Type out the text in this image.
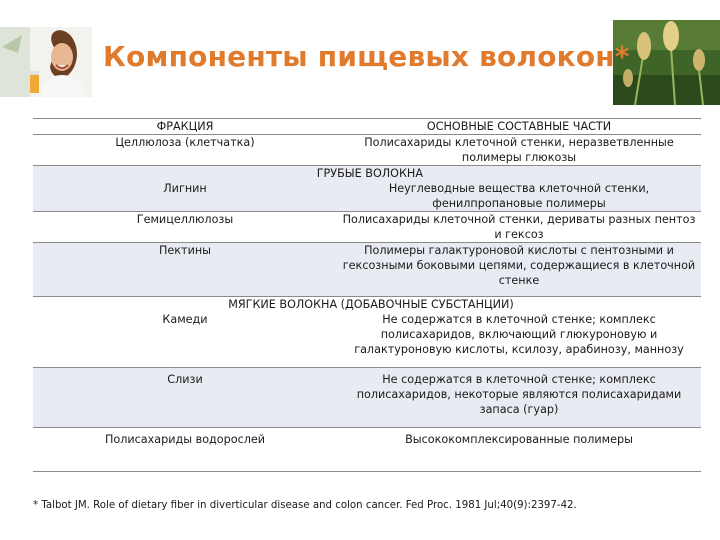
Компоненты пищевых волокон*
ФРАКЦИЯ	ОСНОВНЫЕ СОСТАВНЫЕ ЧАСТИ
Целлюлоза (клетчатка)	Полисахариды клеточной стенки, неразветвленные полимеры глюкозы
ГРУБЫЕ ВОЛОКНА	
Лигнин	Неуглеводные вещества клеточной стенки, фенилпропановые полимеры
Гемицеллюлозы	Полисахариды клеточной стенки, дериваты разных пентоз и гексоз
Пектины	Полимеры галактуроновой кислоты с пентозными и гексозными боковыми цепями, содержащиеся в клеточной стенке
МЯГКИЕ ВОЛОКНА (ДОБАВОЧНЫЕ СУБСТАНЦИИ)	
Камеди	Не содержатся в клеточной стенке; комплекс полисахаридов, включающий глюкуроновую и галактуроновую кислоты, ксилозу, арабинозу, маннозу
Слизи	Не содержатся в клеточной стенке; комплекс полисахаридов, некоторые являются полисахаридами запаса (гуар)
Полисахариды водорослей	Высококомплексированные полимеры
* Talbot JM. Role of dietary fiber in diverticular disease and colon cancer. Fed Proc. 1981 Jul;40(9):2397-42.
